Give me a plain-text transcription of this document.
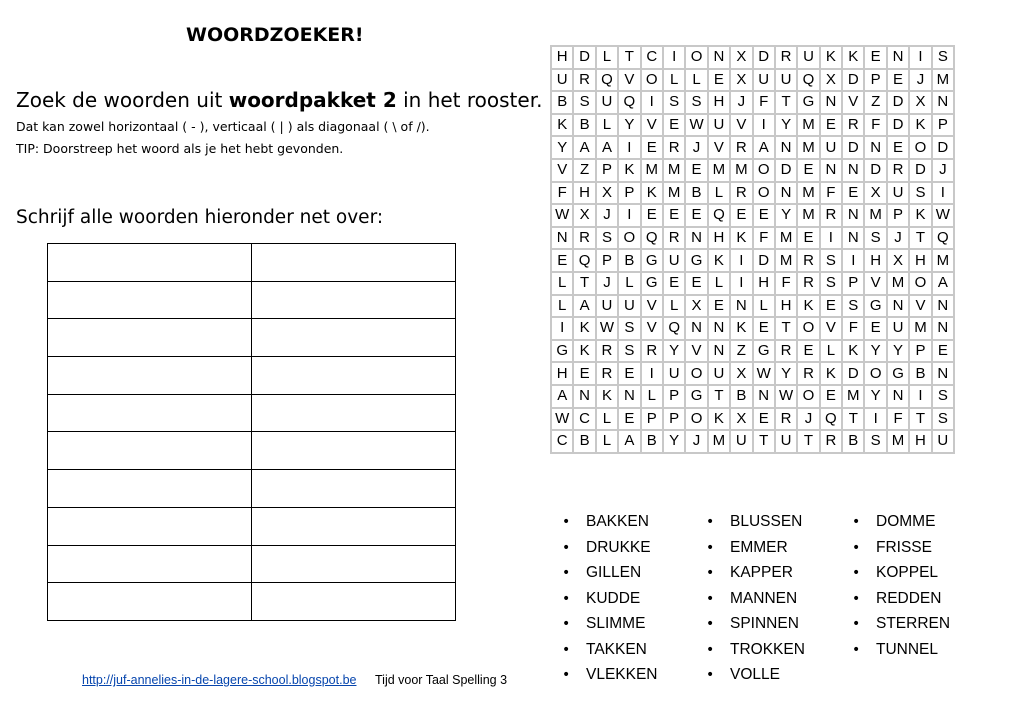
WOORDZOEKER!
Zoek de woorden uit woordpakket 2 in het rooster.
Dat kan zowel horizontaal ( - ), verticaal ( | ) als diagonaal ( \ of /).
TIP: Doorstreep het woord als je het hebt gevonden.
Schrijf alle woorden hieronder net over:

H	D	L	T	C	I	O	N	X	D	R	U	K	K	E	N	I	S
U	R	Q	V	O	L	L	E	X	U	U	Q	X	D	P	E	J	M
B	S	U	Q	I	S	S	H	J	F	T	G	N	V	Z	D	X	N
K	B	L	Y	V	E	W	U	V	I	Y	M	E	R	F	D	K	P
Y	A	A	I	E	R	J	V	R	A	N	M	U	D	N	E	O	D
V	Z	P	K	M	M	E	M	M	O	D	E	N	N	D	R	D	J
F	H	X	P	K	M	B	L	R	O	N	M	F	E	X	U	S	I
W	X	J	I	E	E	E	Q	E	E	Y	M	R	N	M	P	K	W
N	R	S	O	Q	R	N	H	K	F	M	E	I	N	S	J	T	Q
E	Q	P	B	G	U	G	K	I	D	M	R	S	I	H	X	H	M
L	T	J	L	G	E	E	L	I	H	F	R	S	P	V	M	O	A
L	A	U	U	V	L	X	E	N	L	H	K	E	S	G	N	V	N
I	K	W	S	V	Q	N	N	K	E	T	O	V	F	E	U	M	N
G	K	R	S	R	Y	V	N	Z	G	R	E	L	K	Y	Y	P	E
H	E	R	E	I	U	O	U	X	W	Y	R	K	D	O	G	B	N
A	N	K	N	L	P	G	T	B	N	W	O	E	M	Y	N	I	S
W	C	L	E	P	P	O	K	X	E	R	J	Q	T	I	F	T	S
C	B	L	A	B	Y	J	M	U	T	U	T	R	B	S	M	H	U
• BAKKEN
• DRUKKE
• GILLEN
• KUDDE
• SLIMME
• TAKKEN
• VLEKKEN
• BLUSSEN
• EMMER
• KAPPER
• MANNEN
• SPINNEN
• TROKKEN
• VOLLE
• DOMME
• FRISSE
• KOPPEL
• REDDEN
• STERREN
• TUNNEL
http://juf-annelies-in-de-lagere-school.blogspot.be Tijd voor Taal Spelling 3
